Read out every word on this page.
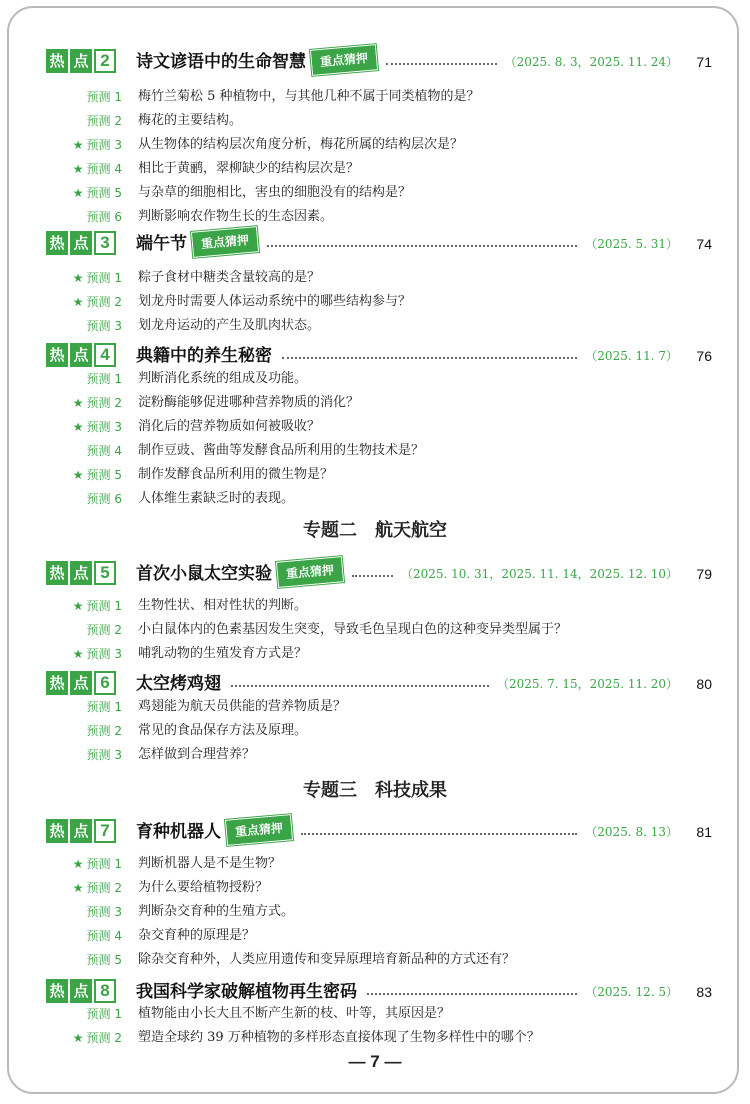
热 点 2	诗文谚语中的生命智慧 重点猜押	（2025. 8. 3，2025. 11. 24） 71
预测 1 梅竹兰菊松 5 种植物中，与其他几种不属于同类植物的是？
预测 2 梅花的主要结构。
★ 预测 3 从生物体的结构层次角度分析，梅花所属的结构层次是？
★ 预测 4 相比于黄鹂，翠柳缺少的结构层次是？
★ 预测 5 与杂草的细胞相比，害虫的细胞没有的结构是？
预测 6 判断影响农作物生长的生态因素。
热 点 3	端午节 重点猜押	（2025. 5. 31） 74
★ 预测 1 粽子食材中糖类含量较高的是？
★ 预测 2 划龙舟时需要人体运动系统中的哪些结构参与？
预测 3 划龙舟运动的产生及肌肉状态。
热 点 4	典籍中的养生秘密	（2025. 11. 7） 76
预测 1 判断消化系统的组成及功能。
★ 预测 2 淀粉酶能够促进哪种营养物质的消化？
★ 预测 3 消化后的营养物质如何被吸收？
预测 4 制作豆豉、酱曲等发酵食品所利用的生物技术是？
★ 预测 5 制作发酵食品所利用的微生物是？
预测 6 人体维生素缺乏时的表现。
专题二　航天航空
热 点 5	首次小鼠太空实验 重点猜押	（2025. 10. 31，2025. 11. 14，2025. 12. 10） 79
★ 预测 1 生物性状、相对性状的判断。
预测 2 小白鼠体内的色素基因发生突变，导致毛色呈现白色的这种变异类型属于？
★ 预测 3 哺乳动物的生殖发育方式是？
热 点 6	太空烤鸡翅	（2025. 7. 15，2025. 11. 20） 80
预测 1 鸡翅能为航天员供能的营养物质是？
预测 2 常见的食品保存方法及原理。
预测 3 怎样做到合理营养？
专题三　科技成果
热 点 7	育种机器人 重点猜押	（2025. 8. 13） 81
★ 预测 1 判断机器人是不是生物？
★ 预测 2 为什么要给植物授粉？
预测 3 判断杂交育种的生殖方式。
预测 4 杂交育种的原理是？
预测 5 除杂交育种外，人类应用遗传和变异原理培育新品种的方式还有？
热 点 8	我国科学家破解植物再生密码	（2025. 12. 5） 83
预测 1 植物能由小长大且不断产生新的枝、叶等，其原因是？
★ 预测 2 塑造全球约 39 万种植物的多样形态直接体现了生物多样性中的哪个？
— 7 —
